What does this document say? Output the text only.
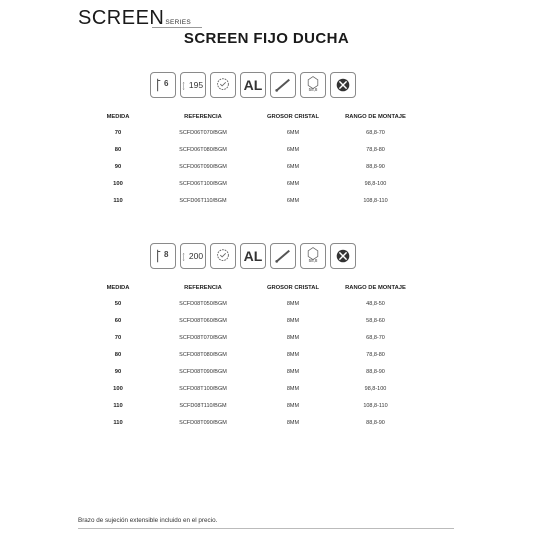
SCREEN SERIES
SCREEN FIJO DUCHA
6 195	AL	58,8
MEDIDA	REFERENCIA	GROSOR CRISTAL	RANGO DE MONTAJE
70	SCFD06T070/BGM	6MM	68,8-70
80	SCFD06T080/BGM	6MM	78,8-80
90	SCFD06T090/BGM	6MM	88,8-90
100	SCFD06T100/BGM	6MM	98,8-100
110	SCFD06T110/BGM	6MM	108,8-110
8 200	AL	58,8
MEDIDA	REFERENCIA	GROSOR CRISTAL	RANGO DE MONTAJE
50	SCFD08T050/BGM	8MM	48,8-50
60	SCFD08T060/BGM	8MM	58,8-60
70	SCFD08T070/BGM	8MM	68,8-70
80	SCFD08T080/BGM	8MM	78,8-80
90	SCFD08T090/BGM	8MM	88,8-90
100	SCFD08T100/BGM	8MM	98,8-100
110	SCFD08T110/BGM	8MM	108,8-110
110	SCFD08T090/BGM	8MM	88,8-90
Brazo de sujeción extensible incluido en el precio.
